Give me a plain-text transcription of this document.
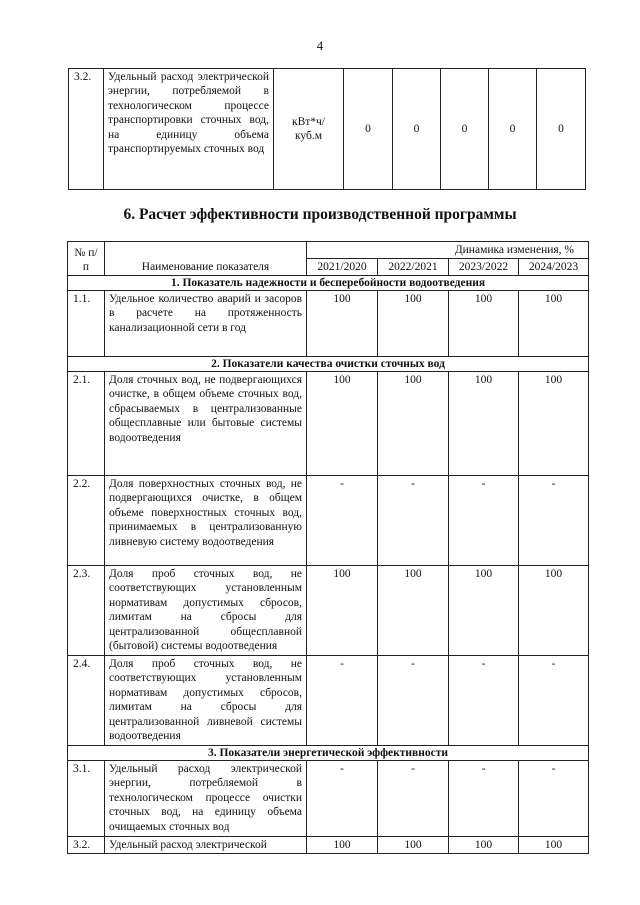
4
3.2.	Удельный расход электрической энергии, потребляемой в технологическом процессе транспортировки сточных вод, на единицу объема транспортируемых сточных вод	кВт*ч/ куб.м	0	0	0	0	0
6. Расчет эффективности производственной программы
№ п/п	Наименование показателя	Динамика изменения, %			
		2021/2020	2022/2021	2023/2022	2024/2023
1. Показатель надежности и бесперебойности водоотведения					
1.1.	Удельное количество аварий и засоров в расчете на протяженность канализационной сети в год	100	100	100	100
2. Показатели качества очистки сточных вод					
2.1.	Доля сточных вод, не подвергающихся очистке, в общем объеме сточных вод, сбрасываемых в централизованные общесплавные или бытовые системы водоотведения	100	100	100	100
2.2.	Доля поверхностных сточных вод, не подвергающихся очистке, в общем объеме поверхностных сточных вод, принимаемых в централизованную ливневую систему водоотведения	-	-	-	-
2.3.	Доля проб сточных вод, не соответствующих установленным нормативам допустимых сбросов, лимитам на сбросы для централизованной общесплавной (бытовой) системы водоотведения	100	100	100	100
2.4.	Доля проб сточных вод, не соответствующих установленным нормативам допустимых сбросов, лимитам на сбросы для централизованной ливневой системы водоотведения	-	-	-	-
3. Показатели энергетической эффективности					
3.1.	Удельный расход электрической энергии, потребляемой в технологическом процессе очистки сточных вод, на единицу объема очищаемых сточных вод	-	-	-	-
3.2.	Удельный расход электрической	100	100	100	100
